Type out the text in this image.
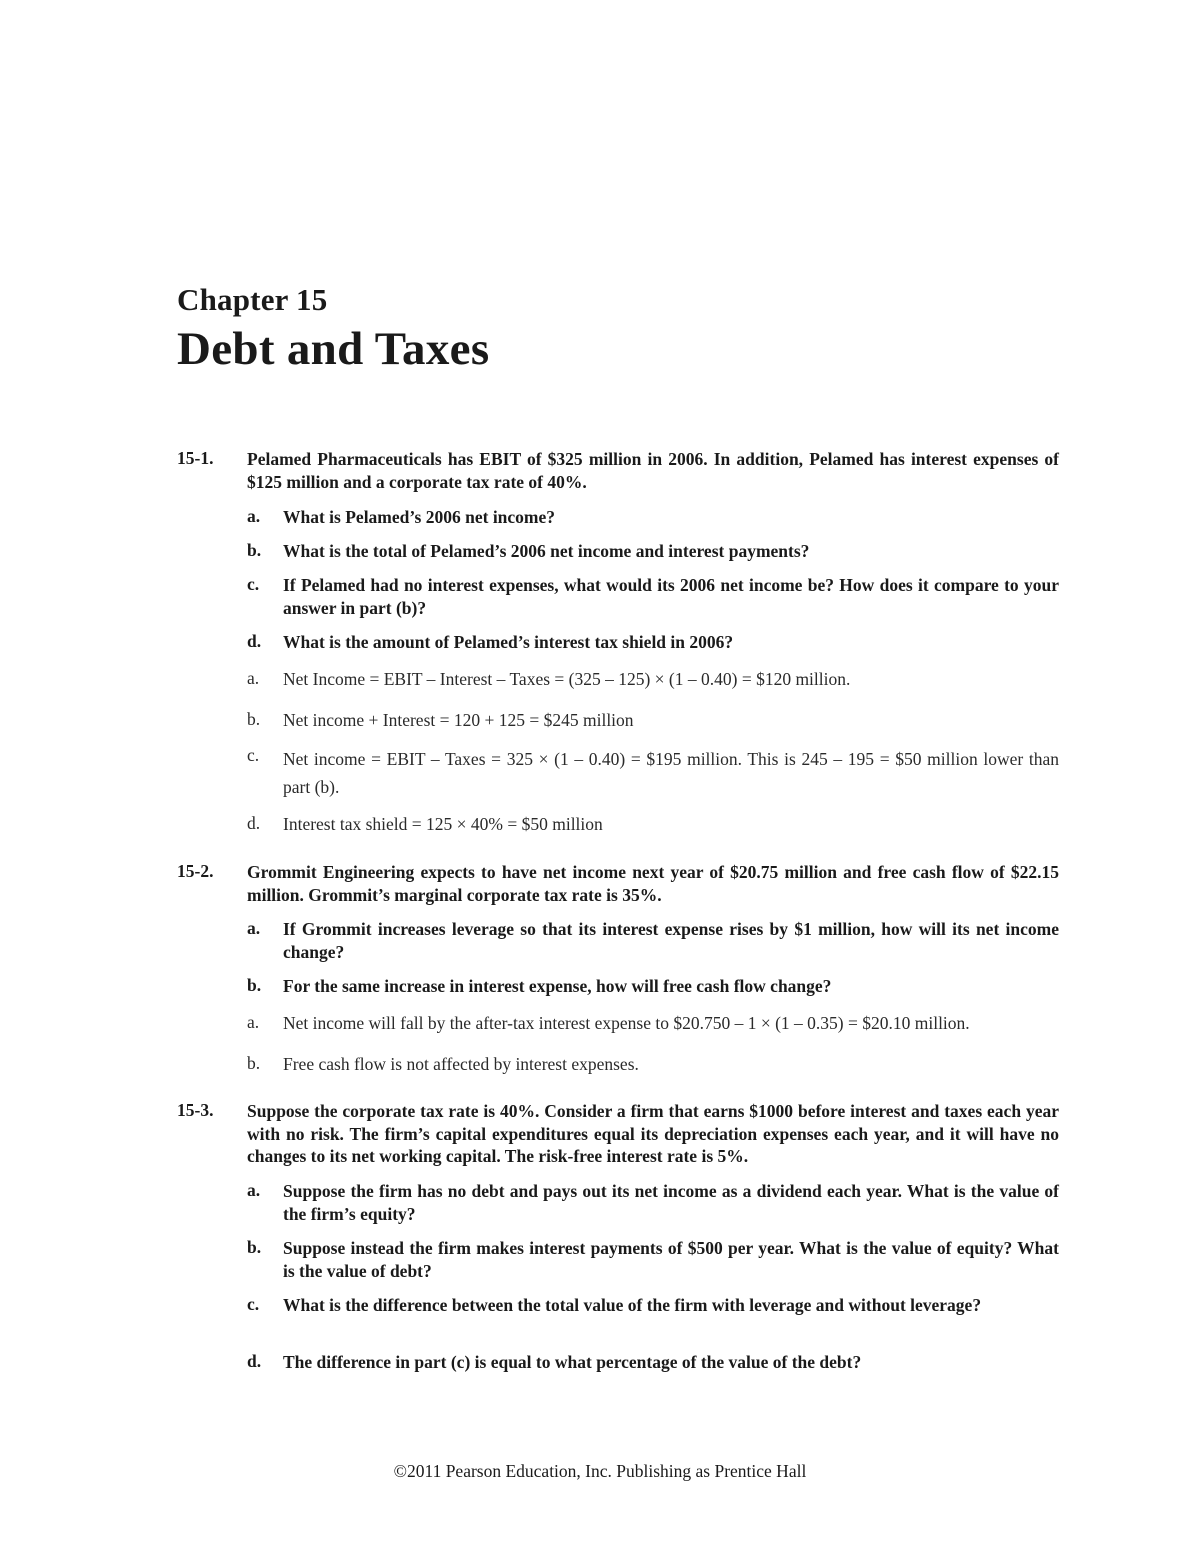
Chapter 15
Debt and Taxes
15-1. Pelamed Pharmaceuticals has EBIT of $325 million in 2006. In addition, Pelamed has interest expenses of $125 million and a corporate tax rate of 40%.
a. What is Pelamed’s 2006 net income?
b. What is the total of Pelamed’s 2006 net income and interest payments?
c. If Pelamed had no interest expenses, what would its 2006 net income be? How does it compare to your answer in part (b)?
d. What is the amount of Pelamed’s interest tax shield in 2006?
a. Net Income = EBIT – Interest – Taxes = (325 – 125) × (1 – 0.40) = $120 million.
b. Net income + Interest = 120 + 125 = $245 million
c. Net income = EBIT – Taxes = 325 × (1 – 0.40) = $195 million. This is 245 – 195 = $50 million lower than part (b).
d. Interest tax shield = 125 × 40% = $50 million
15-2. Grommit Engineering expects to have net income next year of $20.75 million and free cash flow of $22.15 million. Grommit’s marginal corporate tax rate is 35%.
a. If Grommit increases leverage so that its interest expense rises by $1 million, how will its net income change?
b. For the same increase in interest expense, how will free cash flow change?
a. Net income will fall by the after-tax interest expense to $20.750 – 1 × (1 – 0.35) = $20.10 million.
b. Free cash flow is not affected by interest expenses.
15-3. Suppose the corporate tax rate is 40%. Consider a firm that earns $1000 before interest and taxes each year with no risk. The firm’s capital expenditures equal its depreciation expenses each year, and it will have no changes to its net working capital. The risk-free interest rate is 5%.
a. Suppose the firm has no debt and pays out its net income as a dividend each year. What is the value of the firm’s equity?
b. Suppose instead the firm makes interest payments of $500 per year. What is the value of equity? What is the value of debt?
c. What is the difference between the total value of the firm with leverage and without leverage?
d. The difference in part (c) is equal to what percentage of the value of the debt?
©2011 Pearson Education, Inc. Publishing as Prentice Hall
